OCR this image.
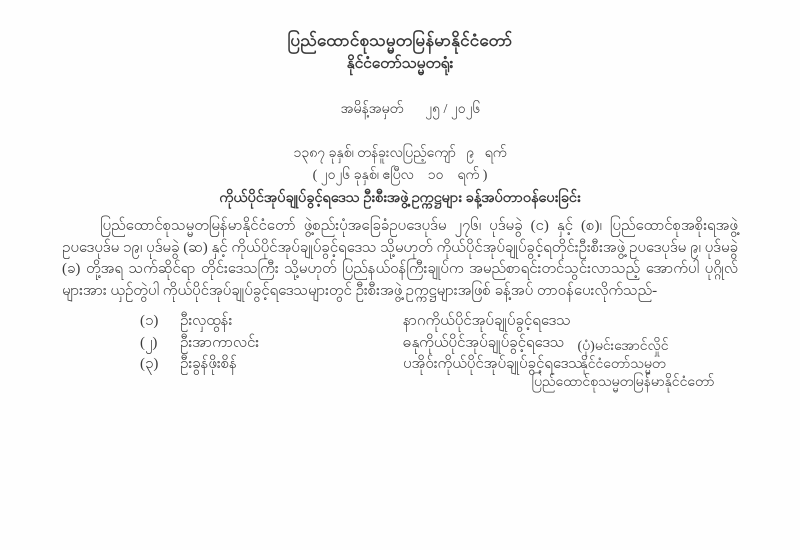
ပြည်ထောင်စုသမ္မတမြန်မာနိုင်ငံတော်
နိုင်ငံတော်သမ္မတရုံး

အမိန့်အမှတ် ၂၅ / ၂၀၂၆

၁၃၈၇ ခုနှစ်၊ တန်ခူးလပြည့်ကျော်   ၉   ရက်
( ၂၀၂၆ ခုနှစ်၊ ဧပြီလ    ၁၀    ရက် )
ကိုယ်ပိုင်အုပ်ချုပ်ခွင့်ရဒေသ ဦးစီးအဖွဲ့ဥက္ကဋ္ဌများ ခန့်အပ်တာဝန်ပေးခြင်း

ပြည်ထောင်စုသမ္မတမြန်မာနိုင်ငံတော် ဖွဲ့စည်းပုံအခြေခံဥပဒေပုဒ်မ ၂၇၆၊ ပုဒ်မခွဲ (င) နှင့် (စ)၊ ပြည်ထောင်စုအစိုးရအဖွဲ့ဥပဒေပုဒ်မ ၁၉၊ ပုဒ်မခွဲ (ဆ) နှင့် ကိုယ်ပိုင်အုပ်ချုပ်ခွင့်ရဒေသ သို့မဟုတ် ကိုယ်ပိုင်အုပ်ချုပ်ခွင့်ရတိုင်းဦးစီးအဖွဲ့ ဥပဒေပုဒ်မ ၉၊ ပုဒ်မခွဲ (ခ) တို့အရ သက်ဆိုင်ရာ တိုင်းဒေသကြီး သို့မဟုတ် ပြည်နယ်ဝန်ကြီးချုပ်က အမည်စာရင်းတင်သွင်းလာသည့် အောက်ပါ ပုဂ္ဂိုလ်များအား ယှဉ်တွဲပါ ကိုယ်ပိုင်အုပ်ချုပ်ခွင့်ရဒေသများတွင် ဦးစီးအဖွဲ့ဥက္ကဋ္ဌများအဖြစ် ခန့်အပ် တာဝန်ပေးလိုက်သည်-

(၁)	ဦးလှထွန်း	နာဂကိုယ်ပိုင်အုပ်ချုပ်ခွင့်ရဒေသ
(၂)	ဦးအာကာလင်း	ဓနုကိုယ်ပိုင်အုပ်ချုပ်ခွင့်ရဒေသ
(၃)	ဦးခွန်ဖိုးစိန်	ပအိုဝ်းကိုယ်ပိုင်အုပ်ချုပ်ခွင့်ရဒေသ
(ပုံ)မင်းအောင်လှိုင်
နိုင်ငံတော်သမ္မတ
ပြည်ထောင်စုသမ္မတမြန်မာနိုင်ငံတော်
